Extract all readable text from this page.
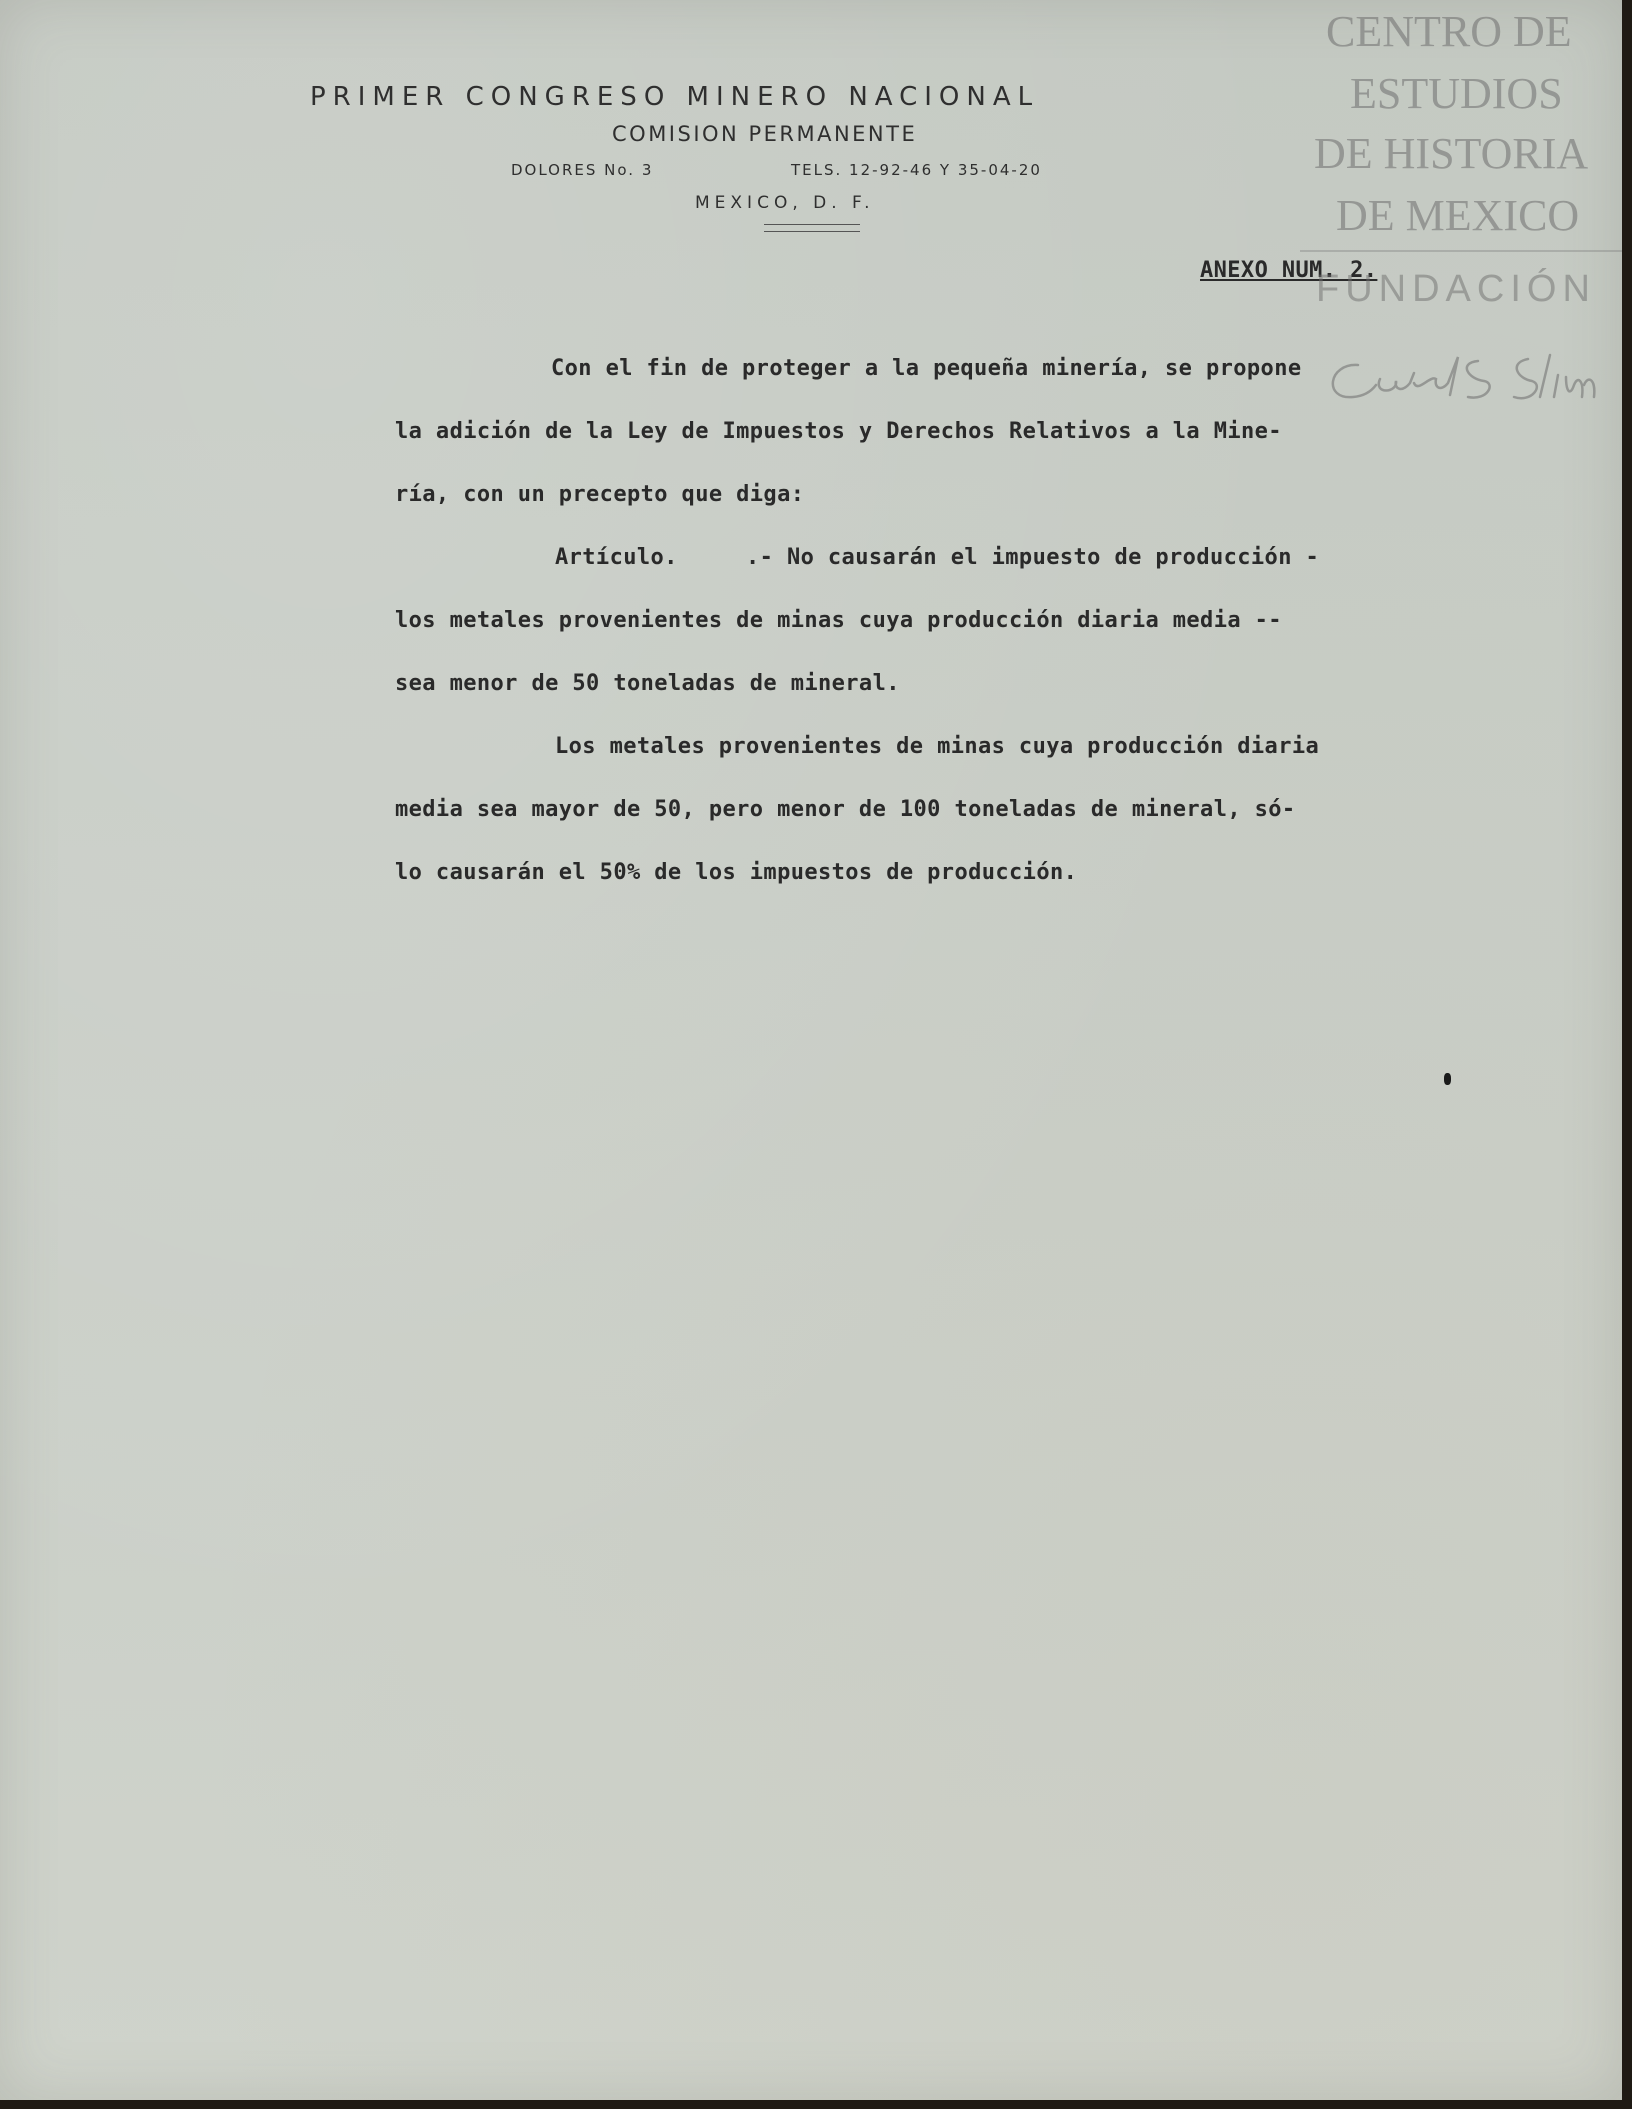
PRIMER CONGRESO MINERO NACIONAL
COMISION PERMANENTE
DOLORES No. 3	TELS. 12-92-46 Y 35-04-20
MEXICO, D. F.
ANEXO NUM. 2.
Con el fin de proteger a la pequeña minería, se propone
la adición de la Ley de Impuestos y Derechos Relativos a la Mine-
ría, con un precepto que diga:
Artículo.     .- No causarán el impuesto de producción -
los metales provenientes de minas cuya producción diaria media --
sea menor de 50 toneladas de mineral.
Los metales provenientes de minas cuya producción diaria
media sea mayor de 50, pero menor de 100 toneladas de mineral, só-
lo causarán el 50% de los impuestos de producción.
CENTRO DE
ESTUDIOS
DE HISTORIA
DE MEXICO
FUNDACIÓN
